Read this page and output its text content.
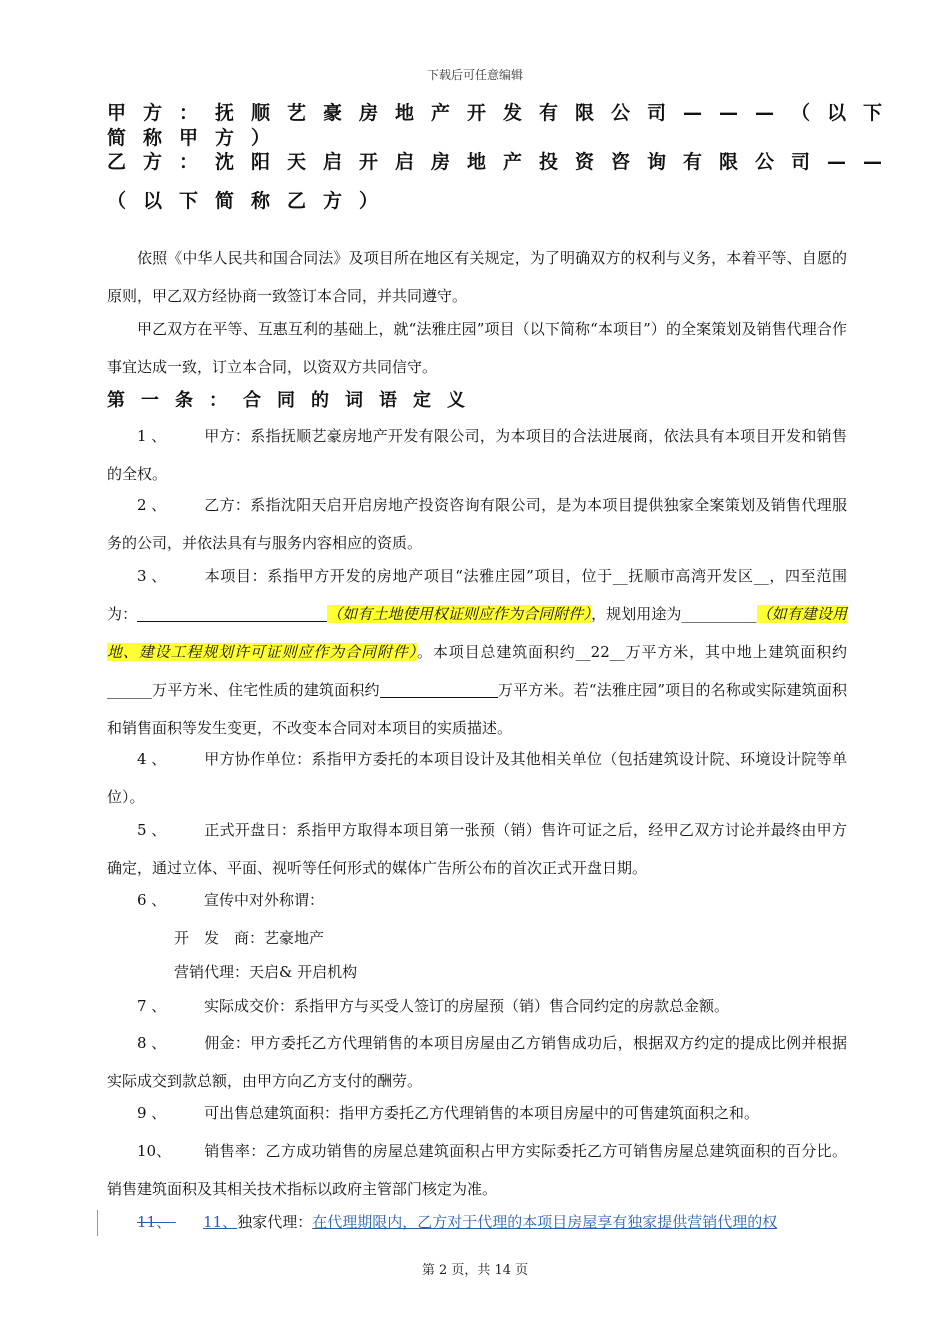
下载后可任意编辑
甲方：抚顺艺豪房地产开发有限公司———（以下
简称甲方）
乙方：沈阳天启开启房地产投资咨询有限公司——
（以下简称乙方）
依照《中华人民共和国合同法》及项目所在地区有关规定，为了明确双方的权利与义务，本着平等、自愿的原则，甲乙双方经协商一致签订本合同，并共同遵守。
甲乙双方在平等、互惠互利的基础上，就“法雅庄园”项目（以下简称“本项目”）的全案策划及销售代理合作事宜达成一致，订立本合同，以资双方共同信守。
第一条：合同的词语定义
1 、	甲方：系指抚顺艺豪房地产开发有限公司，为本项目的合法进展商，依法具有本项目开发和销售的全权。
2 、	乙方：系指沈阳天启开启房地产投资咨询有限公司，是为本项目提供独家全案策划及销售代理服务的公司，并依法具有与服务内容相应的资质。
3 、	本项目：系指甲方开发的房地产项目“法雅庄园”项目，位于__抚顺市高湾开发区__，四至范围为：	（如有土地使用权证则应作为合同附件），规划用途为__________（如有建设用地、建设工程规划许可证则应作为合同附件）。本项目总建筑面积约__22__万平方米，其中地上建筑面积约______万平方米、住宅性质的建筑面积约	万平方米。若“法雅庄园”项目的名称或实际建筑面积和销售面积等发生变更，不改变本合同对本项目的实质描述。
4 、	甲方协作单位：系指甲方委托的本项目设计及其他相关单位（包括建筑设计院、环境设计院等单位）。
5 、	正式开盘日：系指甲方取得本项目第一张预（销）售许可证之后，经甲乙双方讨论并最终由甲方确定，通过立体、平面、视听等任何形式的媒体广告所公布的首次正式开盘日期。
6 、	宣传中对外称谓：
开　发　商：艺豪地产
营销代理：天启& 开启机构
7 、	实际成交价：系指甲方与买受人签订的房屋预（销）售合同约定的房款总金额。
8 、	佣金：甲方委托乙方代理销售的本项目房屋由乙方销售成功后，根据双方约定的提成比例并根据实际成交到款总额，由甲方向乙方支付的酬劳。
9 、	可出售总建筑面积：指甲方委托乙方代理销售的本项目房屋中的可售建筑面积之和。
10、 销售率：乙方成功销售的房屋总建筑面积占甲方实际委托乙方可销售房屋总建筑面积的百分比。销售建筑面积及其相关技术指标以政府主管部门核定为准。
11、 11、独家代理：在代理期限内，乙方对于代理的本项目房屋享有独家提供营销代理的权
第 2 页，共 14 页
